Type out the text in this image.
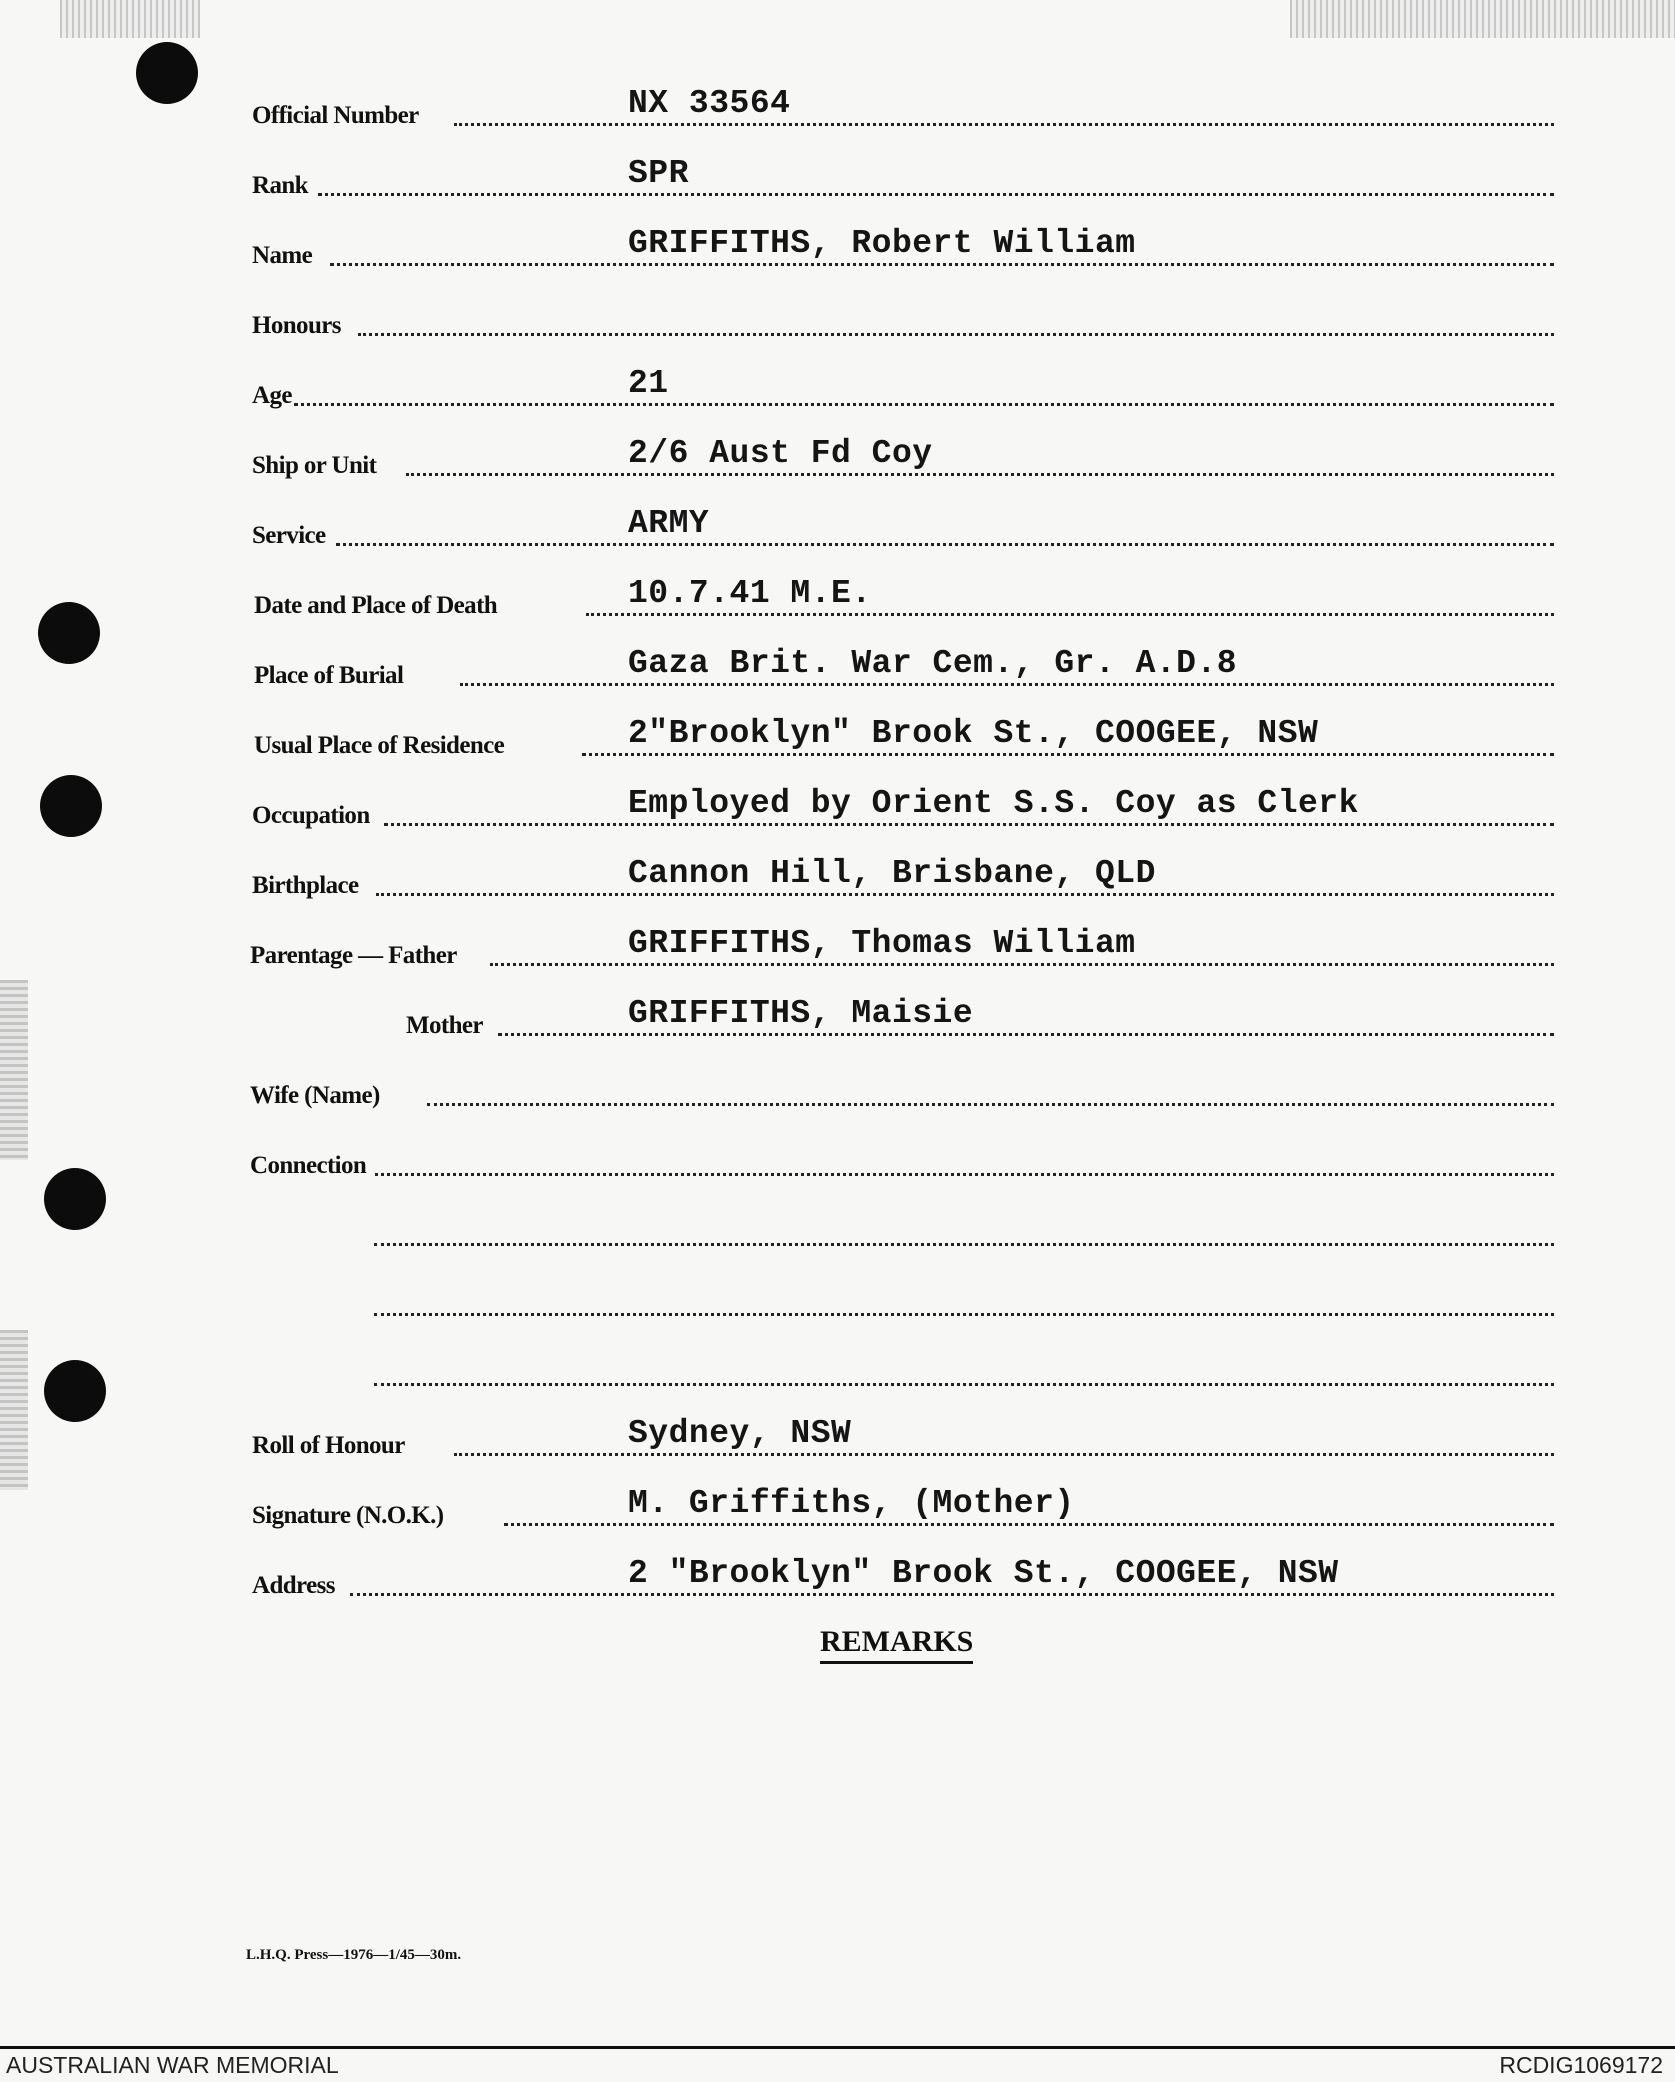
Official Number	NX 33564
Rank	SPR
Name	GRIFFITHS, Robert William
Honours
Age	21
Ship or Unit	2/6 Aust Fd Coy
Service	ARMY
Date and Place of Death	10.7.41 M.E.
Place of Burial	Gaza Brit. War Cem., Gr. A.D.8
Usual Place of Residence	2"Brooklyn" Brook St., COOGEE, NSW
Occupation	Employed by Orient S.S. Coy as Clerk
Birthplace	Cannon Hill, Brisbane, QLD
Parentage — Father	GRIFFITHS, Thomas William
Mother	GRIFFITHS, Maisie
Wife (Name)
Connection
Roll of Honour	Sydney, NSW
Signature (N.O.K.)	M. Griffiths, (Mother)
Address	2 "Brooklyn" Brook St., COOGEE, NSW
REMARKS
L.H.Q. Press—1976—1/45—30m.
AUSTRALIAN WAR MEMORIAL	RCDIG1069172
